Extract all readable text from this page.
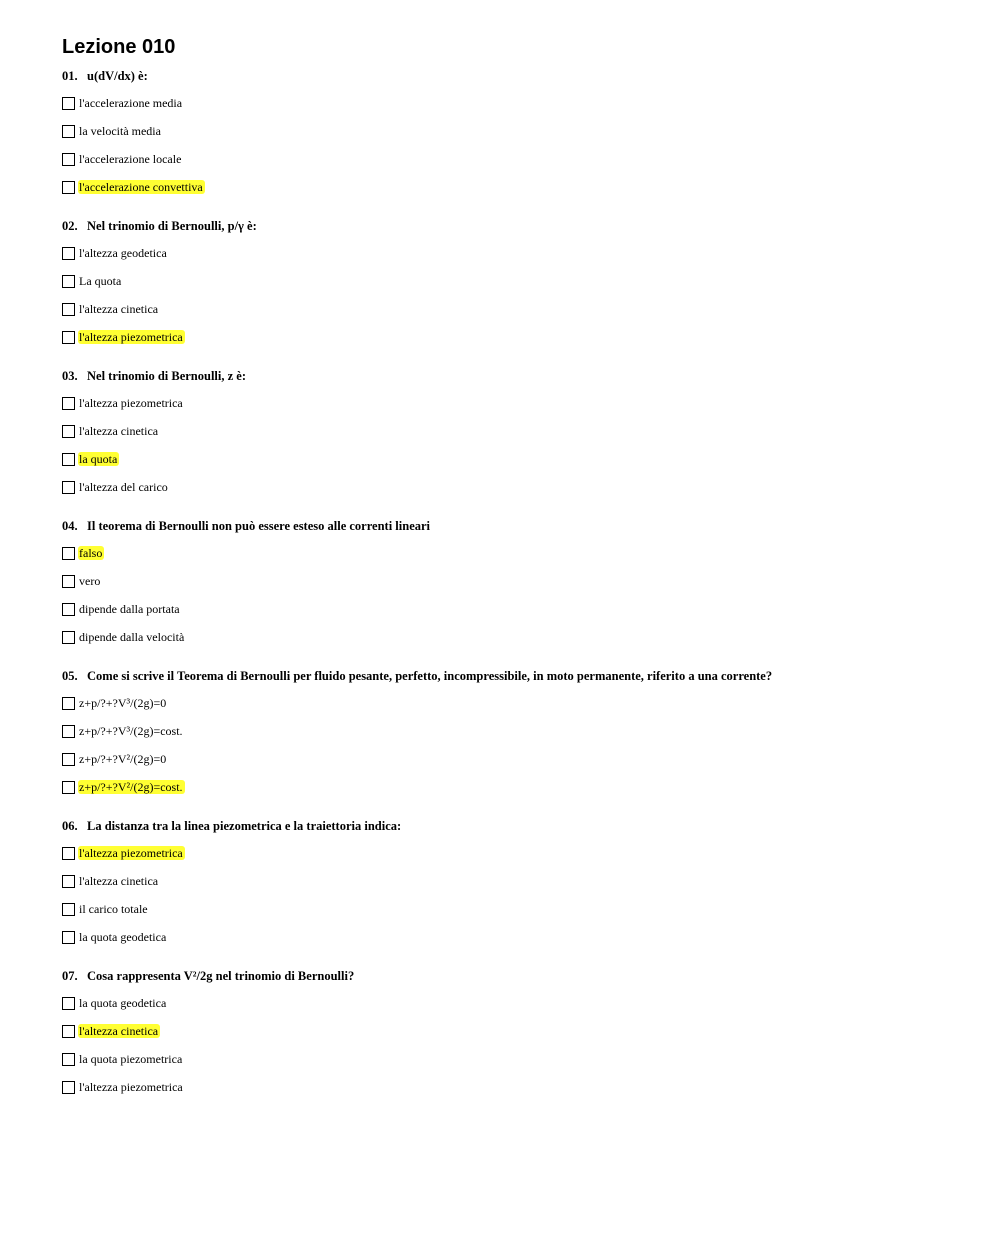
Lezione 010
01. u(dV/dx) è:
l'accelerazione media
la velocità media
l'accelerazione locale
l'accelerazione convettiva
02. Nel trinomio di Bernoulli, p/γ è:
l'altezza geodetica
La quota
l'altezza cinetica
l'altezza piezometrica
03. Nel trinomio di Bernoulli, z è:
l'altezza piezometrica
l'altezza cinetica
la quota
l'altezza del carico
04. Il teorema di Bernoulli non può essere esteso alle correnti lineari
falso
vero
dipende dalla portata
dipende dalla velocità
05. Come si scrive il Teorema di Bernoulli per fluido pesante, perfetto, incompressibile, in moto permanente, riferito a una corrente?
z+p/?+?V³/(2g)=0
z+p/?+?V³/(2g)=cost.
z+p/?+?V²/(2g)=0
z+p/?+?V²/(2g)=cost.
06. La distanza tra la linea piezometrica e la traiettoria indica:
l'altezza piezometrica
l'altezza cinetica
il carico totale
la quota geodetica
07. Cosa rappresenta V²/2g nel trinomio di Bernoulli?
la quota geodetica
l'altezza cinetica
la quota piezometrica
l'altezza piezometrica
